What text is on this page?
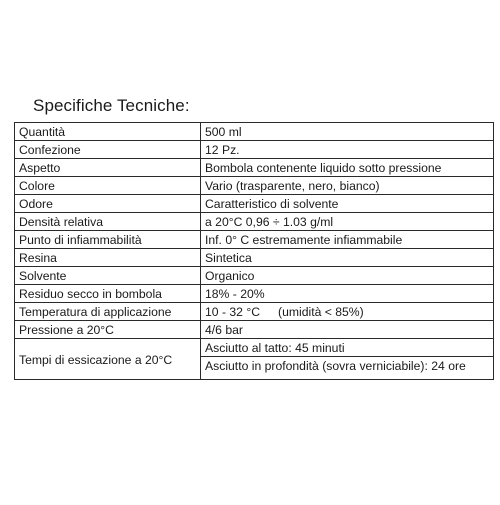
Specifiche Tecniche:
Quantità	500 ml
Confezione	12 Pz.
Aspetto	Bombola contenente liquido sotto pressione
Colore	Vario (trasparente, nero, bianco)
Odore	Caratteristico di solvente
Densità relativa	a 20°C 0,96 ÷ 1.03 g/ml
Punto di infiammabilità	Inf. 0° C estremamente infiammabile
Resina	Sintetica
Solvente	Organico
Residuo secco in bombola	18% - 20%
Temperatura di applicazione	10 - 32 °C (umidità < 85%)
Pressione a 20°C	4/6 bar
Tempi di essicazione a 20°C	Asciutto al tatto: 45 minuti
	Asciutto in profondità (sovra verniciabile): 24 ore
